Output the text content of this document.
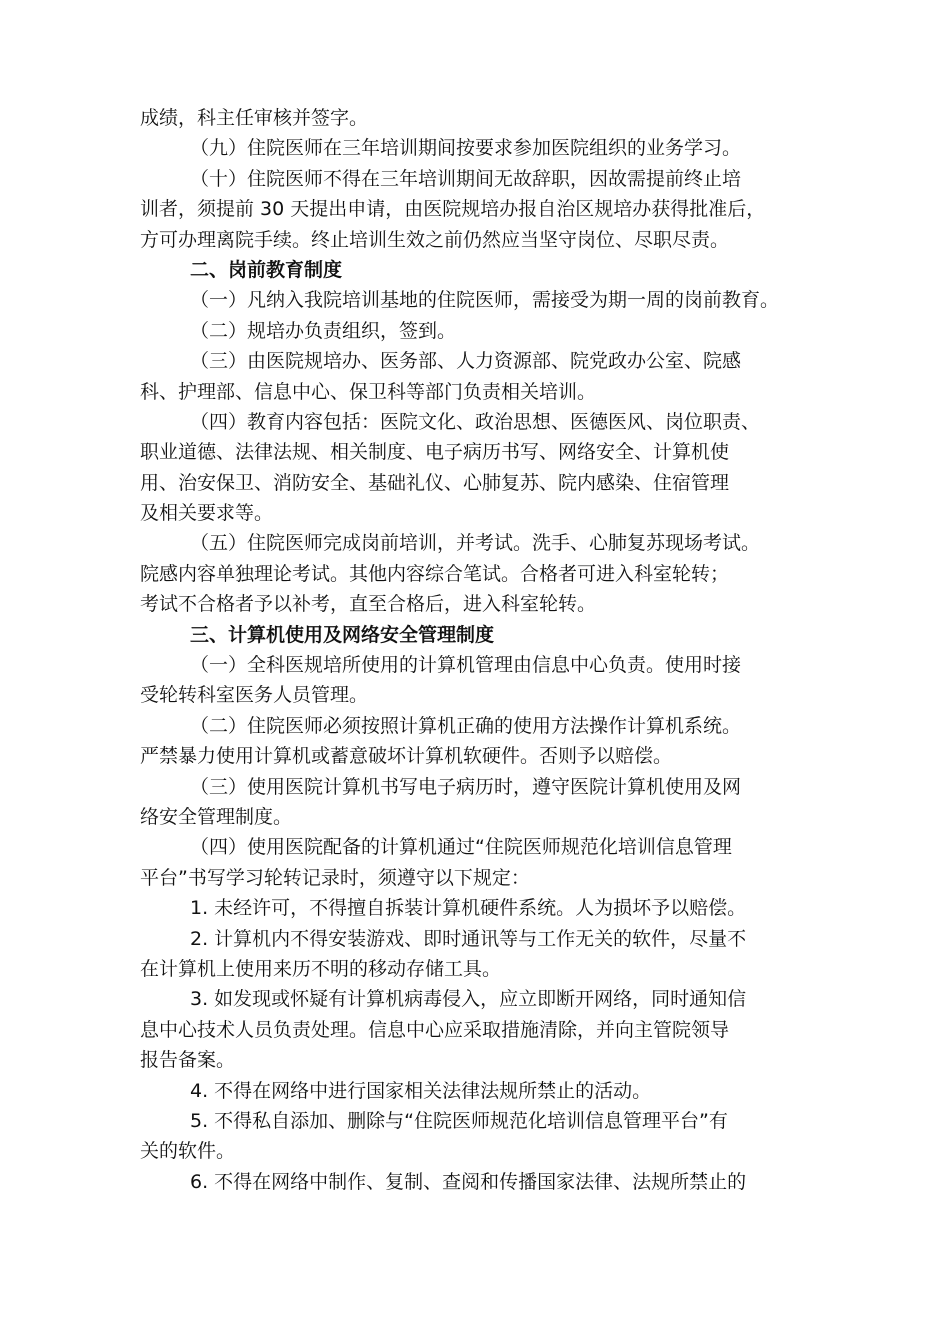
成绩，科主任审核并签字。
（九）住院医师在三年培训期间按要求参加医院组织的业务学习。
（十）住院医师不得在三年培训期间无故辞职，因故需提前终止培
训者，须提前 30 天提出申请，由医院规培办报自治区规培办获得批准后，
方可办理离院手续。终止培训生效之前仍然应当坚守岗位、尽职尽责。
二、岗前教育制度
（一）凡纳入我院培训基地的住院医师，需接受为期一周的岗前教育。
（二）规培办负责组织，签到。
（三）由医院规培办、医务部、人力资源部、院党政办公室、院感
科、护理部、信息中心、保卫科等部门负责相关培训。
（四）教育内容包括：医院文化、政治思想、医德医风、岗位职责、
职业道德、法律法规、相关制度、电子病历书写、网络安全、计算机使
用、治安保卫、消防安全、基础礼仪、心肺复苏、院内感染、住宿管理
及相关要求等。
（五）住院医师完成岗前培训，并考试。洗手、心肺复苏现场考试。
院感内容单独理论考试。其他内容综合笔试。合格者可进入科室轮转；
考试不合格者予以补考，直至合格后，进入科室轮转。
三、计算机使用及网络安全管理制度
（一）全科医规培所使用的计算机管理由信息中心负责。使用时接
受轮转科室医务人员管理。
（二）住院医师必须按照计算机正确的使用方法操作计算机系统。
严禁暴力使用计算机或蓄意破坏计算机软硬件。否则予以赔偿。
（三）使用医院计算机书写电子病历时，遵守医院计算机使用及网
络安全管理制度。
（四）使用医院配备的计算机通过“住院医师规范化培训信息管理
平台”书写学习轮转记录时，须遵守以下规定：
1. 未经许可，不得擅自拆装计算机硬件系统。人为损坏予以赔偿。
2. 计算机内不得安装游戏、即时通讯等与工作无关的软件，尽量不
在计算机上使用来历不明的移动存储工具。
3. 如发现或怀疑有计算机病毒侵入，应立即断开网络，同时通知信
息中心技术人员负责处理。信息中心应采取措施清除，并向主管院领导
报告备案。
4. 不得在网络中进行国家相关法律法规所禁止的活动。
5. 不得私自添加、删除与“住院医师规范化培训信息管理平台”有
关的软件。
6. 不得在网络中制作、复制、查阅和传播国家法律、法规所禁止的
